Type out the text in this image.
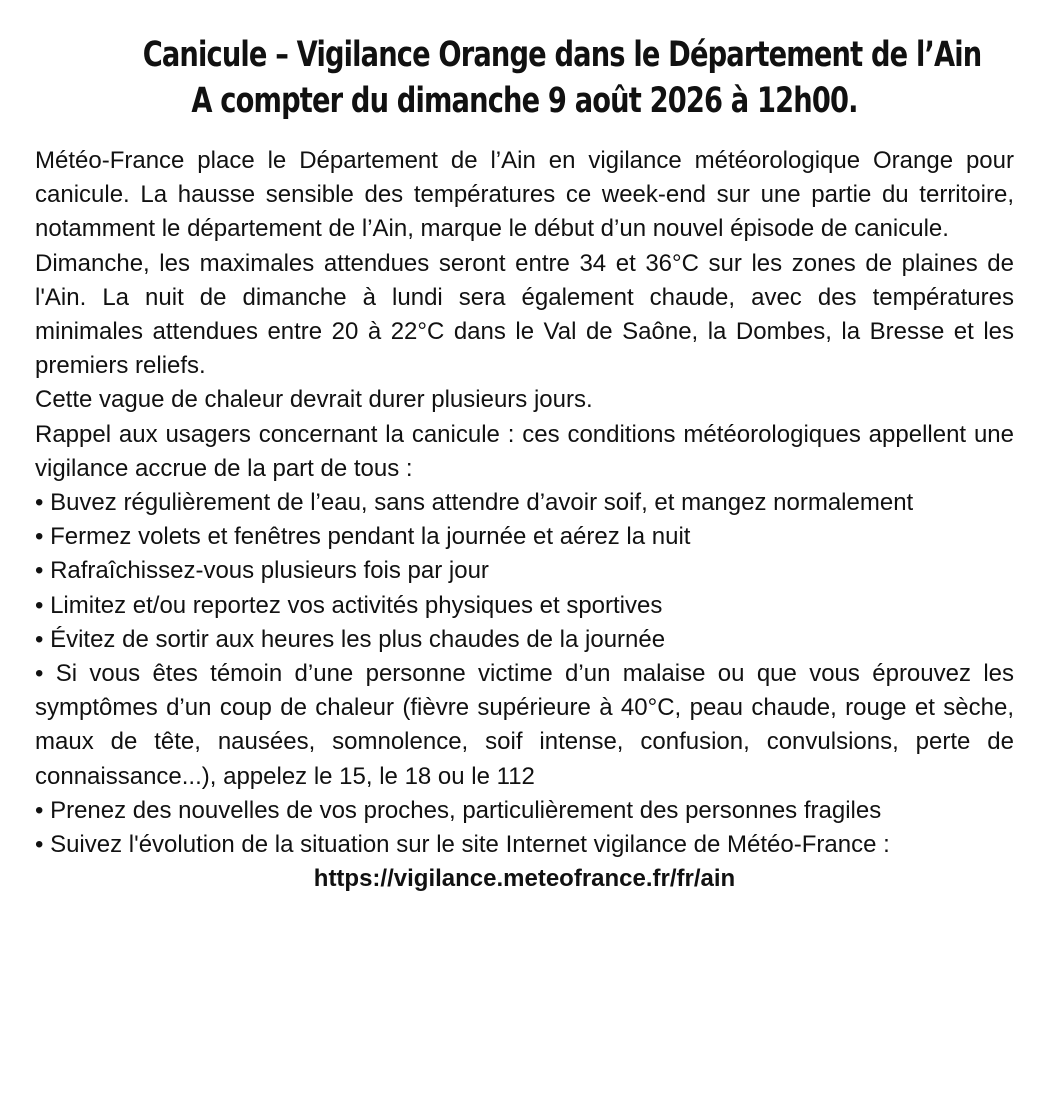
Canicule – Vigilance Orange dans le Département de l’Ain
A compter du dimanche 9 août 2026 à 12h00.

Météo-France place le Département de l’Ain en vigilance météorologique Orange pour canicule. La hausse sensible des températures ce week-end sur une partie du territoire, notamment le département de l’Ain, marque le début d’un nouvel épisode de canicule.

Dimanche, les maximales attendues seront entre 34 et 36°C sur les zones de plaines de l'Ain. La nuit de dimanche à lundi sera également chaude, avec des températures minimales attendues entre 20 à 22°C dans le Val de Saône, la Dombes, la Bresse et les premiers reliefs.

Cette vague de chaleur devrait durer plusieurs jours.

Rappel aux usagers concernant la canicule : ces conditions météorologiques appellent une vigilance accrue de la part de tous :

• Buvez régulièrement de l’eau, sans attendre d’avoir soif, et mangez normalement

• Fermez volets et fenêtres pendant la journée et aérez la nuit

• Rafraîchissez-vous plusieurs fois par jour

• Limitez et/ou reportez vos activités physiques et sportives

• Évitez de sortir aux heures les plus chaudes de la journée

• Si vous êtes témoin d’une personne victime d’un malaise ou que vous éprouvez les symptômes d’un coup de chaleur (fièvre supérieure à 40°C, peau chaude, rouge et sèche, maux de tête, nausées, somnolence, soif intense, confusion, convulsions, perte de connaissance...), appelez le 15, le 18 ou le 112

• Prenez des nouvelles de vos proches, particulièrement des personnes fragiles

• Suivez l'évolution de la situation sur le site Internet vigilance de Météo-France :

https://vigilance.meteofrance.fr/fr/ain
